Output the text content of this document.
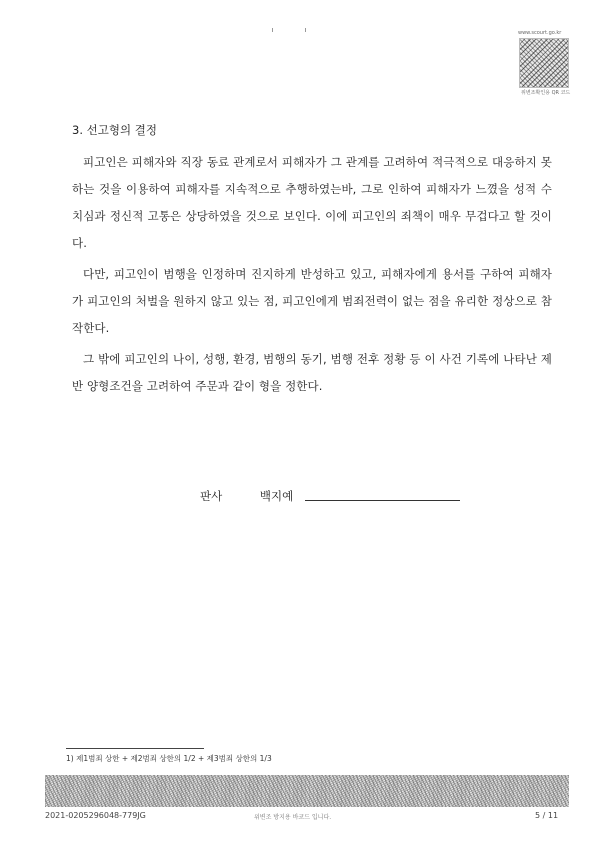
www.scourt.go.kr
위변조확인용 QR 코드

3. 선고형의 결정

피고인은 피해자와 직장 동료 관계로서 피해자가 그 관계를 고려하여 적극적으로 대응하지 못하는 것을 이용하여 피해자를 지속적으로 추행하였는바, 그로 인하여 피해자가 느꼈을 성적 수치심과 정신적 고통은 상당하였을 것으로 보인다. 이에 피고인의 죄책이 매우 무겁다고 할 것이다.

다만, 피고인이 범행을 인정하며 진지하게 반성하고 있고, 피해자에게 용서를 구하여 피해자가 피고인의 처벌을 원하지 않고 있는 점, 피고인에게 범죄전력이 없는 점을 유리한 정상으로 참작한다.

그 밖에 피고인의 나이, 성행, 환경, 범행의 동기, 범행 전후 정황 등 이 사건 기록에 나타난 제반 양형조건을 고려하여 주문과 같이 형을 정한다.

판사	백지예
1) 제1범죄 상한 + 제2범죄 상한의 1/2 + 제3범죄 상한의 1/3
2021-0205296048-779JG	위변조 방지용 바코드 입니다.	5 / 11
